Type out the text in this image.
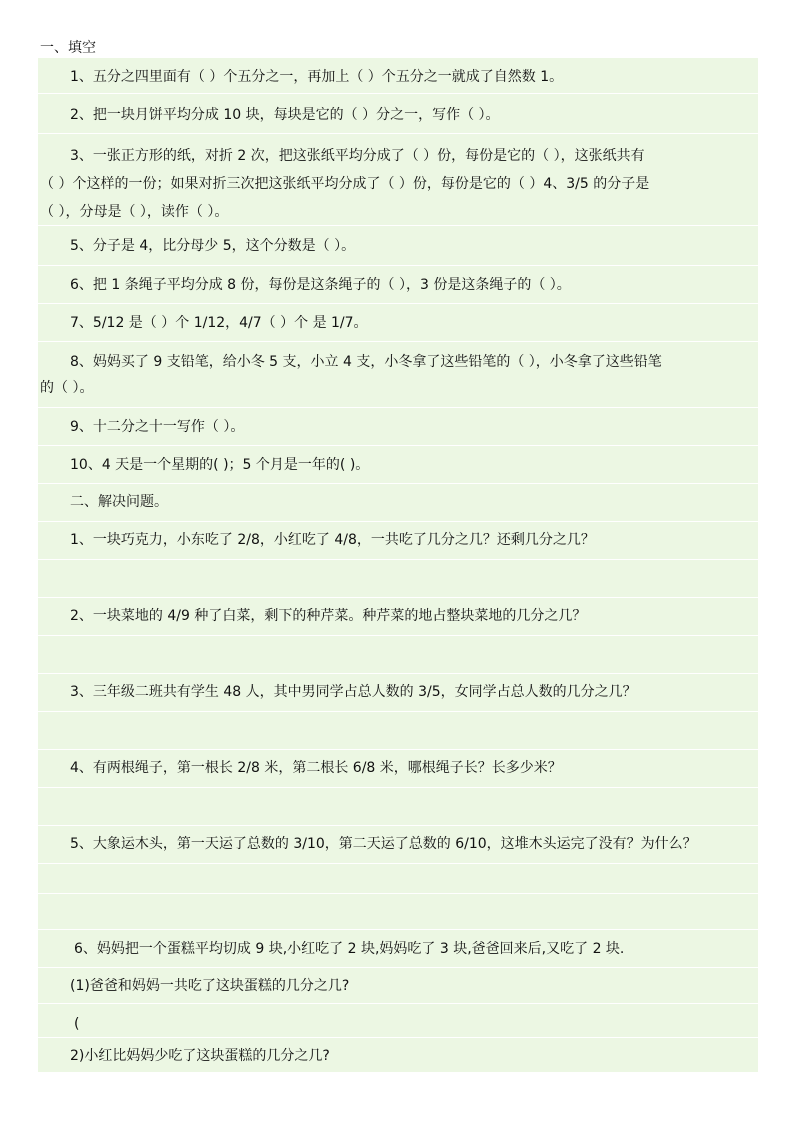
一、填空
1、五分之四里面有（ ）个五分之一，再加上（ ）个五分之一就成了自然数 1。
2、把一块月饼平均分成 10 块，每块是它的（ ）分之一，写作（ ）。
3、一张正方形的纸，对折 2 次，把这张纸平均分成了（ ）份，每份是它的（ ），这张纸共有
（ ）个这样的一份；如果对折三次把这张纸平均分成了（ ）份，每份是它的（ ）4、3/5 的分子是
（ ），分母是（ ），读作（ ）。
5、分子是 4，比分母少 5，这个分数是（ ）。
6、把 1 条绳子平均分成 8 份，每份是这条绳子的（ ），3 份是这条绳子的（ ）。
7、5/12 是（ ）个 1/12，4/7（ ）个 是 1/7。
8、妈妈买了 9 支铅笔，给小冬 5 支，小立 4 支，小冬拿了这些铅笔的（ ），小冬拿了这些铅笔
的（ ）。
9、十二分之十一写作（ ）。
10、4 天是一个星期的( )；5 个月是一年的( )。
二、解决问题。
1、一块巧克力，小东吃了 2/8，小红吃了 4/8，一共吃了几分之几？还剩几分之几？
2、一块菜地的 4/9 种了白菜，剩下的种芹菜。种芹菜的地占整块菜地的几分之几？
3、三年级二班共有学生 48 人，其中男同学占总人数的 3/5，女同学占总人数的几分之几？
4、有两根绳子，第一根长 2/8 米，第二根长 6/8 米，哪根绳子长？长多少米？
5、大象运木头，第一天运了总数的 3/10，第二天运了总数的 6/10，这堆木头运完了没有？为什么？
6、妈妈把一个蛋糕平均切成 9 块,小红吃了 2 块,妈妈吃了 3 块,爸爸回来后,又吃了 2 块.
(1)爸爸和妈妈一共吃了这块蛋糕的几分之几?
(
2)小红比妈妈少吃了这块蛋糕的几分之几?
